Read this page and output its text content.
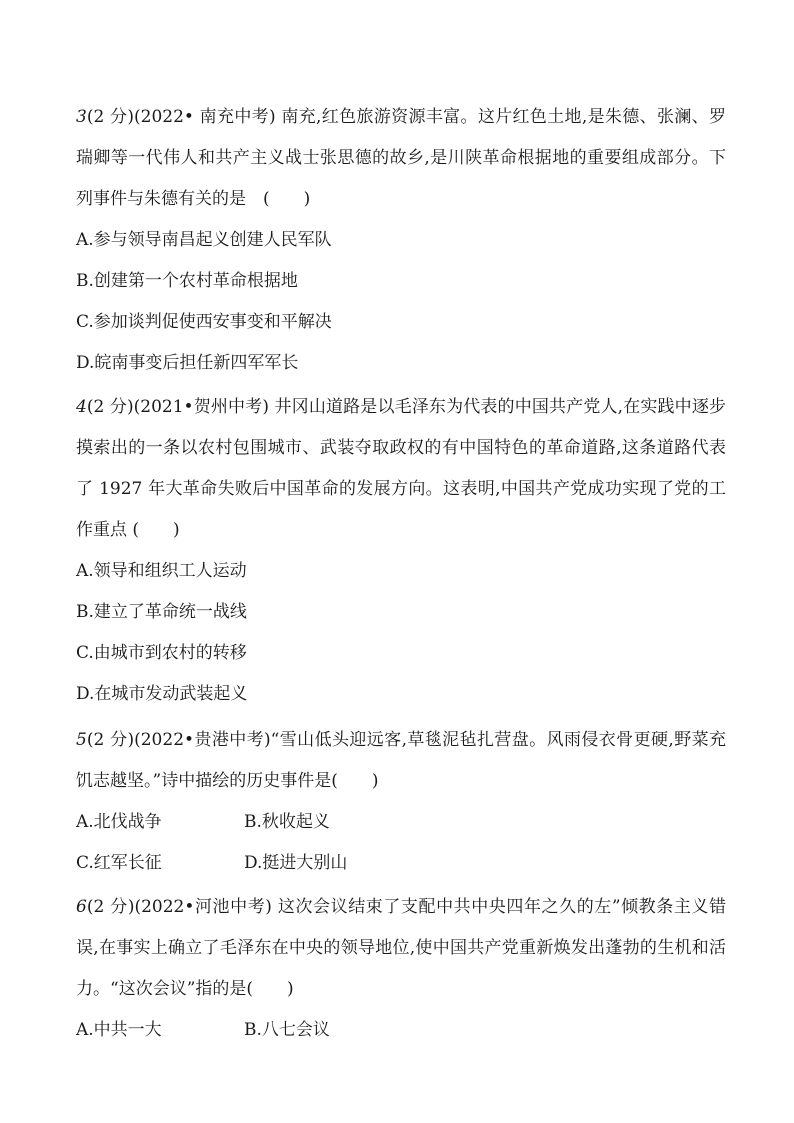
3(2 分)(2022• 南充中考) 南充,红色旅游资源丰富。这片红色土地,是朱德、张澜、罗瑞卿等一代伟人和共产主义战士张思德的故乡,是川陕革命根据地的重要组成部分。下列事件与朱德有关的是　(　　)

A.参与领导南昌起义创建人民军队

B.创建第一个农村革命根据地

C.参加谈判促使西安事变和平解决

D.皖南事变后担任新四军军长

4(2 分)(2021•贺州中考) 井冈山道路是以毛泽东为代表的中国共产党人,在实践中逐步摸索出的一条以农村包围城市、武装夺取政权的有中国特色的革命道路,这条道路代表了 1927 年大革命失败后中国革命的发展方向。这表明,中国共产党成功实现了党的工作重点 (　　)

A.领导和组织工人运动

B.建立了革命统一战线

C.由城市到农村的转移

D.在城市发动武装起义

5(2 分)(2022•贵港中考)“雪山低头迎远客,草毯泥毡扎营盘。风雨侵衣骨更硬,野菜充饥志越坚。”诗中描绘的历史事件是(　　)

A.北伐战争	B.秋收起义
C.红军长征	D.挺进大别山

6(2 分)(2022•河池中考) 这次会议结束了支配中共中央四年之久的左”倾教条主义错误,在事实上确立了毛泽东在中央的领导地位,使中国共产党重新焕发出蓬勃的生机和活力。“这次会议”指的是(　　)

A.中共一大	B.八七会议
